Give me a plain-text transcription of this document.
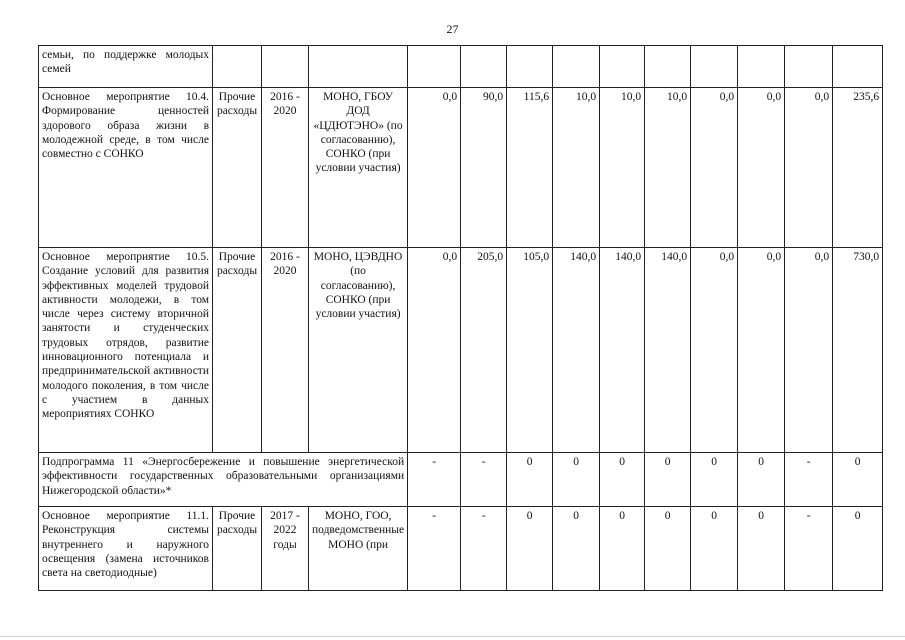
27
семьи, по поддержке молодых семей													
Основное мероприятие 10.4. Формирование ценностей здорового образа жизни в молодежной среде, в том числе совместно с СОНКО	Прочие расходы	2016 - 2020	МОНО, ГБОУ ДОД «ЦДЮТЭНО» (по согласованию), СОНКО (при условии участия)	0,0	90,0	115,6	10,0	10,0	10,0	0,0	0,0	0,0	235,6
Основное мероприятие 10.5. Создание условий для развития эффективных моделей трудовой активности молодежи, в том числе через систему вторичной занятости и студенческих трудовых отрядов, развитие инновационного потенциала и предпринимательской активности молодого поколения, в том числе с участием в данных мероприятиях СОНКО	Прочие расходы	2016 - 2020	МОНО, ЦЭВДНО (по согласованию), СОНКО (при условии участия)	0,0	205,0	105,0	140,0	140,0	140,0	0,0	0,0	0,0	730,0
Подпрограмма 11 «Энергосбережение и повышение энергетической эффективности государственных образовательными организациями Нижегородской области»*				-	-	0	0	0	0	0	0	-	0
Основное мероприятие 11.1. Реконструкция системы внутреннего и наружного освещения (замена источников света на светодиодные)	Прочие расходы	2017 - 2022 годы	МОНО, ГОО, подведомственные МОНО (при	-	-	0	0	0	0	0	0	-	0
